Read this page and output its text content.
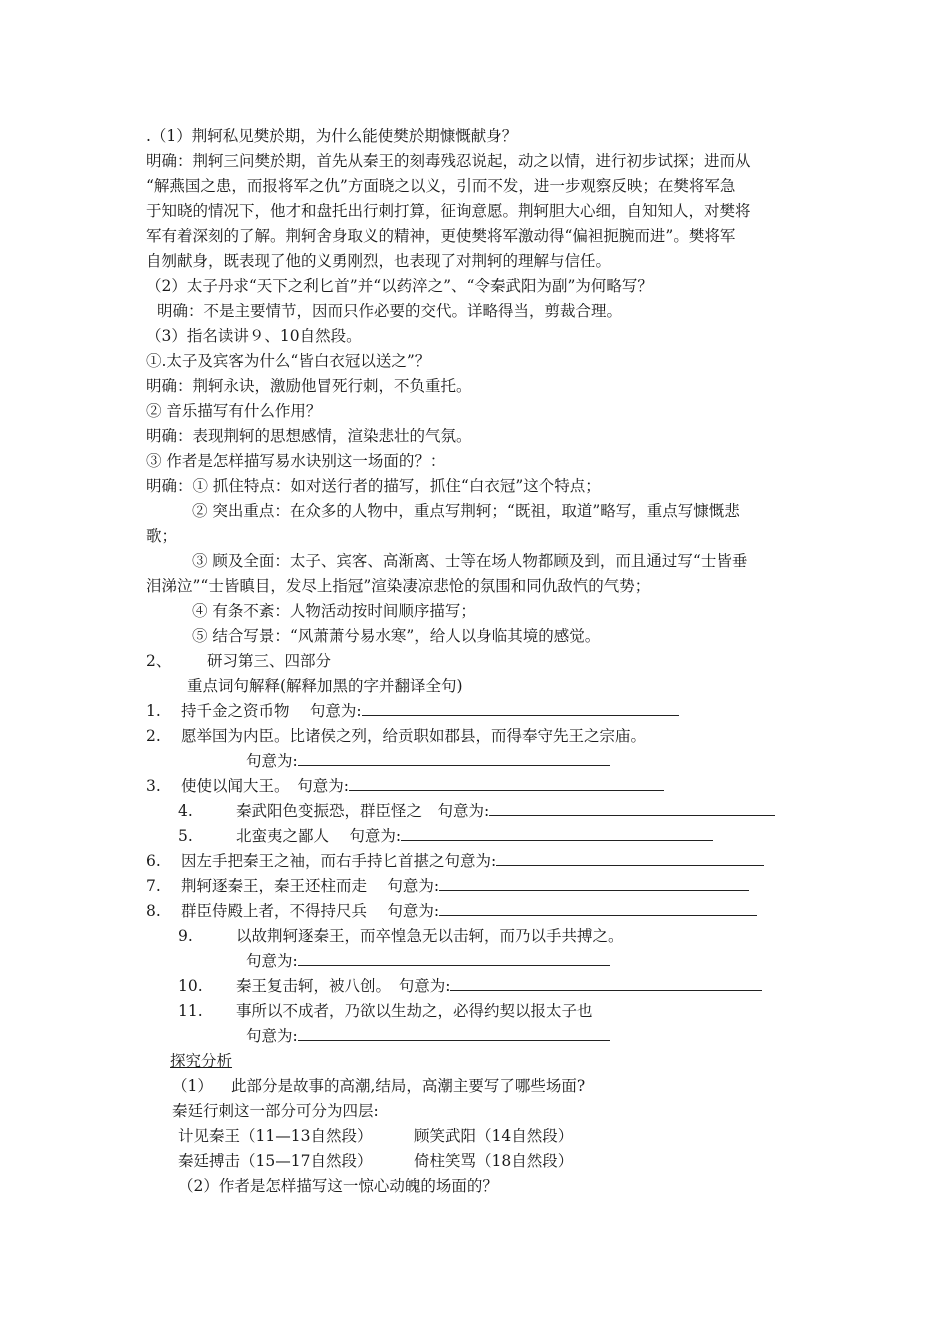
.（1）荆轲私见樊於期，为什么能使樊於期慷慨献身？
明确：荆轲三问樊於期，首先从秦王的刻毒残忍说起，动之以情，进行初步试探；进而从
“解燕国之患，而报将军之仇”方面晓之以义，引而不发，进一步观察反映；在樊将军急
于知晓的情况下，他才和盘托出行刺打算，征询意愿。荆轲胆大心细，自知知人，对樊将
军有着深刻的了解。荆轲舍身取义的精神，更使樊将军激动得“偏袒扼腕而进”。樊将军
自刎献身，既表现了他的义勇刚烈，也表现了对荆轲的理解与信任。
（2）太子丹求“天下之利匕首”并“以药淬之”、“令秦武阳为副”为何略写？
明确：不是主要情节，因而只作必要的交代。详略得当，剪裁合理。
（3）指名读讲９、10自然段。
①.太子及宾客为什么“皆白衣冠以送之”？
明确：荆轲永诀，激励他冒死行刺，不负重托。
② 音乐描写有什么作用？
明确：表现荆轲的思想感情，渲染悲壮的气氛。
③ 作者是怎样描写易水诀别这一场面的？：
明确：① 抓住特点：如对送行者的描写，抓住“白衣冠”这个特点；
② 突出重点：在众多的人物中，重点写荆轲；“既祖，取道”略写，重点写慷慨悲
歌；
③ 顾及全面：太子、宾客、高渐离、士等在场人物都顾及到，而且通过写“士皆垂
泪涕泣”“士皆瞋目，发尽上指冠”渲染凄凉悲怆的氛围和同仇敌忾的气势；
④ 有条不紊：人物活动按时间顺序描写；
⑤ 结合写景：“风萧萧兮易水寒”，给人以身临其境的感觉。
2、 研习第三、四部分
重点词句解释(解释加黑的字并翻译全句)
1. 持千金之资币物　 句意为:
2. 愿举国为内臣。比诸侯之列，给贡职如郡县，而得奉守先王之宗庙。
句意为:
3. 使使以闻大王。　句意为:
4.	秦武阳色变振恐，群臣怪之　句意为:
5.	北蛮夷之鄙人　 句意为:
6. 因左手把秦王之袖，而右手持匕首揕之句意为:
7. 荆轲逐秦王，秦王还柱而走　 句意为:
8. 群臣侍殿上者，不得持尺兵　 句意为:
9.	以故荆轲逐秦王，而卒惶急无以击轲，而乃以手共搏之。
句意为:
10. 秦王复击轲，被八创。　句意为:
11. 事所以不成者，乃欲以生劫之，必得约契以报太子也
句意为:
探究分析
（1） 此部分是故事的高潮,结局，高潮主要写了哪些场面?
秦廷行刺这一部分可分为四层:
计见秦王（11—13自然段）	顾笑武阳（14自然段）
秦廷搏击（15—17自然段）	倚柱笑骂（18自然段）
（2）作者是怎样描写这一惊心动魄的场面的？
